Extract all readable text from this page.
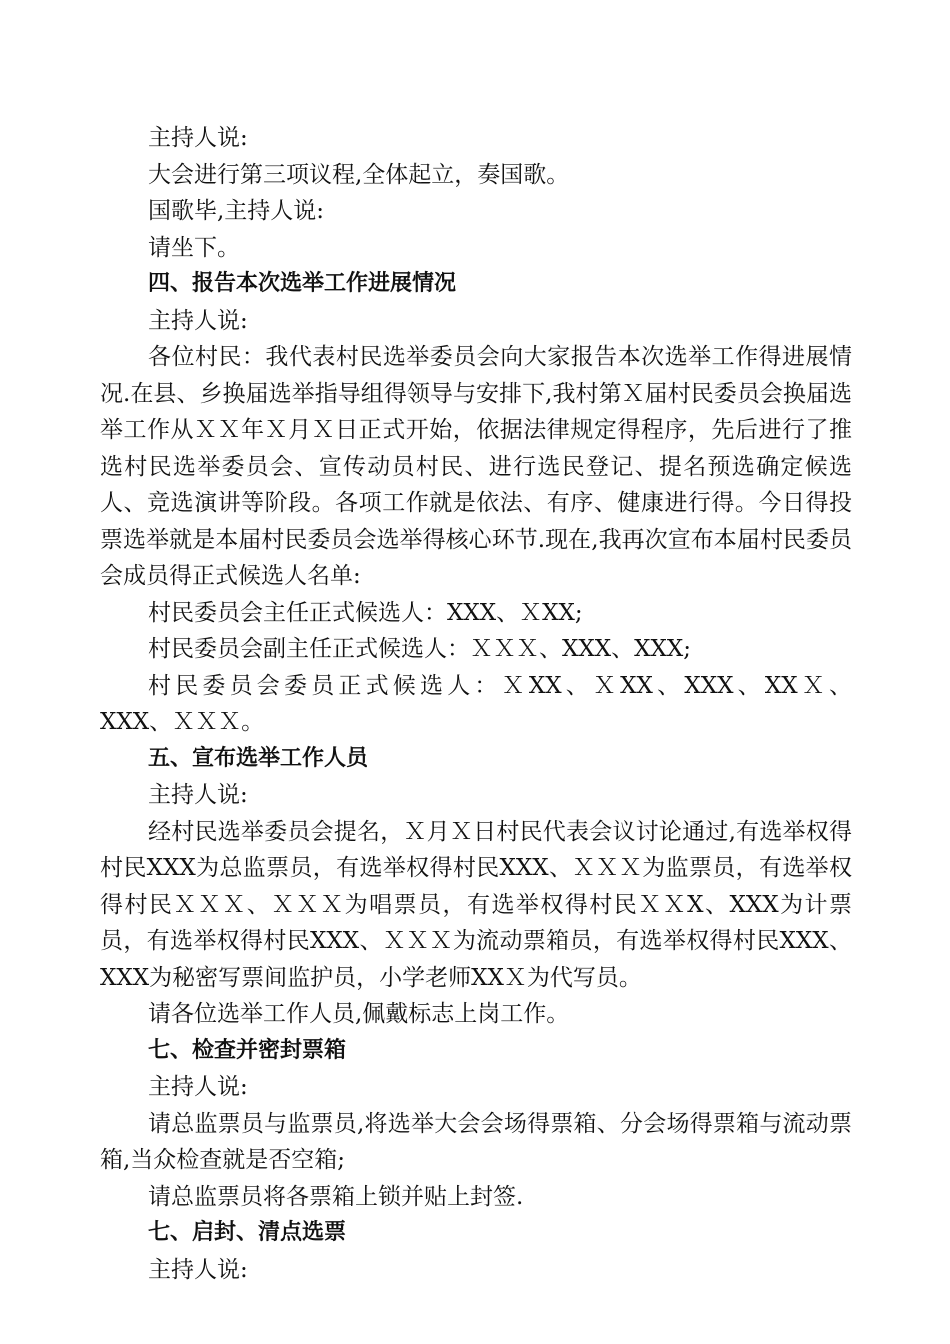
主持人说:
大会进行第三项议程,全体起立，奏国歌。
国歌毕,主持人说:
请坐下。
四、报告本次选举工作进展情况
主持人说:
各位村民：我代表村民选举委员会向大家报告本次选举工作得进展情况.在县、乡换届选举指导组得领导与安排下,我村第Ｘ届村民委员会换届选举工作从ＸＸ年Ｘ月Ｘ日正式开始，依据法律规定得程序，先后进行了推选村民选举委员会、宣传动员村民、进行选民登记、提名预选确定候选人、竞选演讲等阶段。各项工作就是依法、有序、健康进行得。今日得投票选举就是本届村民委员会选举得核心环节.现在,我再次宣布本届村民委员会成员得正式候选人名单:
村民委员会主任正式候选人：XXX、ＸXX;
村民委员会副主任正式候选人：ＸＸＸ、XXX、XXX;
村民委员会委员正式候选人：ＸXX、ＸXX、XXX、XXＸ、
XXX、ＸＸＸ。
五、宣布选举工作人员
主持人说:
经村民选举委员会提名，Ｘ月Ｘ日村民代表会议讨论通过,有选举权得村民XXX为总监票员，有选举权得村民XXX、ＸＸＸ为监票员，有选举权得村民ＸＸＸ、ＸＸＸ为唱票员，有选举权得村民ＸＸX、XXX为计票员，有选举权得村民XXX、ＸＸＸ为流动票箱员，有选举权得村民XXX、XXX为秘密写票间监护员，小学老师XXＸ为代写员。
请各位选举工作人员,佩戴标志上岗工作。
七、检查并密封票箱
主持人说:
请总监票员与监票员,将选举大会会场得票箱、分会场得票箱与流动票箱,当众检查就是否空箱;
请总监票员将各票箱上锁并贴上封签.
七、启封、清点选票
主持人说:
